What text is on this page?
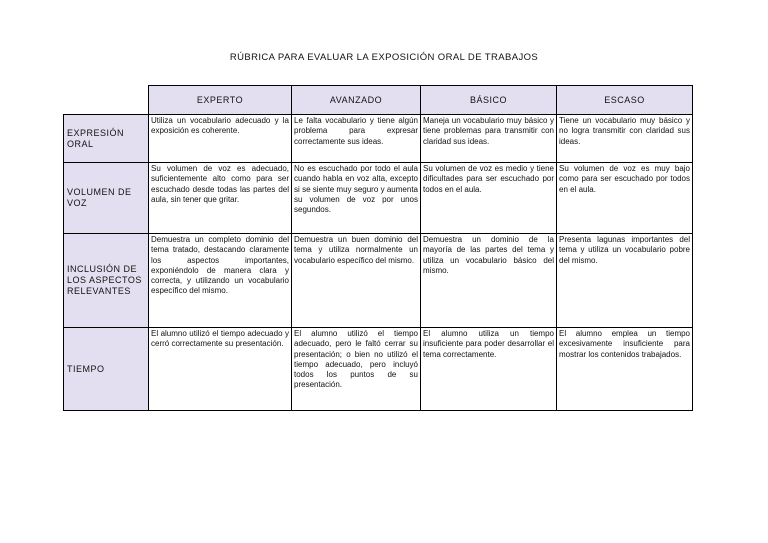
RÚBRICA PARA EVALUAR LA EXPOSICIÓN ORAL DE TRABAJOS
	EXPERTO	AVANZADO	BÁSICO	ESCASO
EXPRESIÓN ORAL	Utiliza un vocabulario adecuado y la exposición es coherente.	Le falta vocabulario y tiene algún problema para expresar correctamente sus ideas.	Maneja un vocabulario muy básico y tiene problemas para transmitir con claridad sus ideas.	Tiene un vocabulario muy básico y no logra transmitir con claridad sus ideas.
VOLUMEN DE VOZ	Su volumen de voz es adecuado, suficientemente alto como para ser escuchado desde todas las partes del aula, sin tener que gritar.	No es escuchado por todo el aula cuando habla en voz alta, excepto si se siente muy seguro y aumenta su volumen de voz por unos segundos.	Su volumen de voz es medio y tiene dificultades para ser escuchado por todos en el aula.	Su volumen de voz es muy bajo como para ser escuchado por todos en el aula.
INCLUSIÓN DE LOS ASPECTOS RELEVANTES	Demuestra un completo dominio del tema tratado, destacando claramente los aspectos importantes, exponiéndolo de manera clara y correcta, y utilizando un vocabulario específico del mismo.	Demuestra un buen dominio del tema y utiliza normalmente un vocabulario específico del mismo.	Demuestra un dominio de la mayoría de las partes del tema y utiliza un vocabulario básico del mismo.	Presenta lagunas importantes del tema y utiliza un vocabulario pobre del mismo.
TIEMPO	El alumno utilizó el tiempo adecuado y cerró correctamente su presentación.	El alumno utilizó el tiempo adecuado, pero le faltó cerrar su presentación; o bien no utilizó el tiempo adecuado, pero incluyó todos los puntos de su presentación.	El alumno utiliza un tiempo insuficiente para poder desarrollar el tema correctamente.	El alumno emplea un tiempo excesivamente insuficiente para mostrar los contenidos trabajados.
